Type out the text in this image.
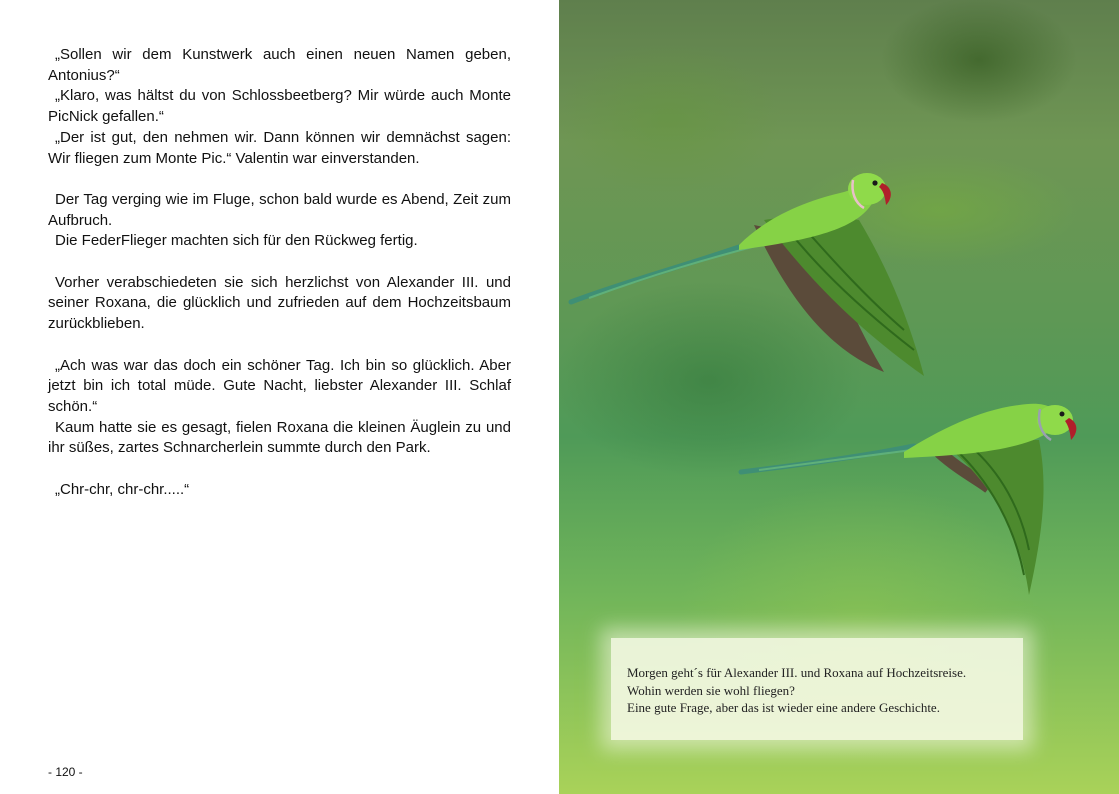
„Sollen wir dem Kunstwerk auch einen neuen Namen geben, Antonius?“

„Klaro, was hältst du von Schlossbeetberg? Mir würde auch Monte PicNick gefallen.“

„Der ist gut, den nehmen wir. Dann können wir demnächst sagen: Wir fliegen zum Monte Pic.“ Valentin war einverstanden.

Der Tag verging wie im Fluge, schon bald wurde es Abend, Zeit zum Aufbruch.

Die FederFlieger machten sich für den Rückweg fertig.

Vorher verabschiedeten sie sich herzlichst von Alexander III. und seiner Roxana, die glücklich und zufrieden auf dem Hochzeitsbaum zurückblieben.

„Ach was war das doch ein schöner Tag. Ich bin so glücklich. Aber jetzt bin ich total müde. Gute Nacht, liebster Alexander III. Schlaf schön.“

Kaum hatte sie es gesagt, fielen Roxana die kleinen Äuglein zu und ihr süßes, zartes Schnarcherlein summte durch den Park.

„Chr-chr, chr-chr.....“

- 120 -
Morgen geht´s für Alexander III. und Roxana auf Hochzeitsreise.
Wohin werden sie wohl fliegen?
Eine gute Frage, aber das ist wieder eine andere Geschichte.
